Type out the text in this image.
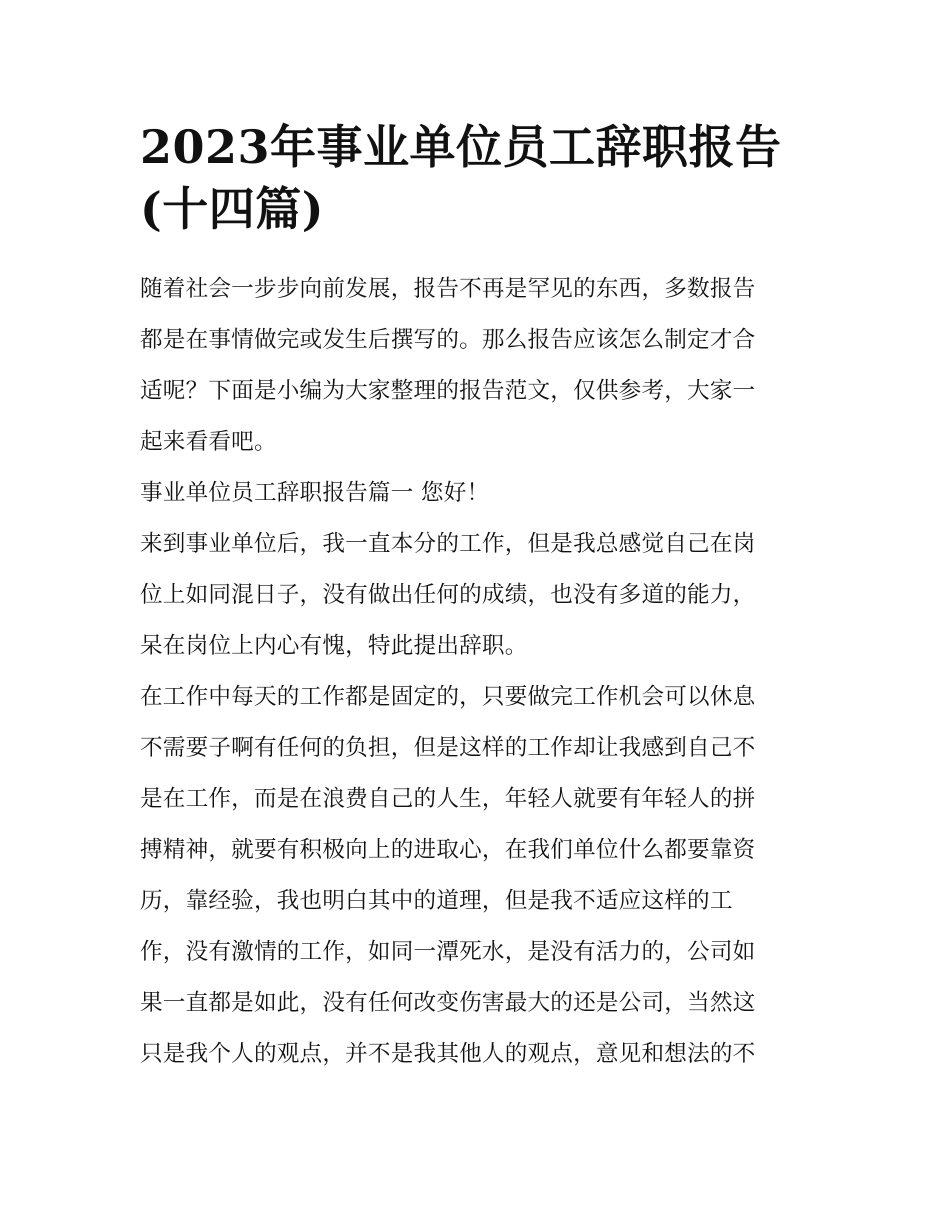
2023年事业单位员工辞职报告
(十四篇)
随着社会一步步向前发展，报告不再是罕见的东西，多数报告
都是在事情做完或发生后撰写的。那么报告应该怎么制定才合
适呢？下面是小编为大家整理的报告范文，仅供参考，大家一
起来看看吧。
事业单位员工辞职报告篇一 您好！
来到事业单位后，我一直本分的工作，但是我总感觉自己在岗
位上如同混日子，没有做出任何的成绩，也没有多道的能力，
呆在岗位上内心有愧，特此提出辞职。
在工作中每天的工作都是固定的，只要做完工作机会可以休息
不需要子啊有任何的负担，但是这样的工作却让我感到自己不
是在工作，而是在浪费自己的人生，年轻人就要有年轻人的拼
搏精神，就要有积极向上的进取心，在我们单位什么都要靠资
历，靠经验，我也明白其中的道理，但是我不适应这样的工
作，没有激情的工作，如同一潭死水，是没有活力的，公司如
果一直都是如此，没有任何改变伤害最大的还是公司，当然这
只是我个人的观点，并不是我其他人的观点，意见和想法的不
